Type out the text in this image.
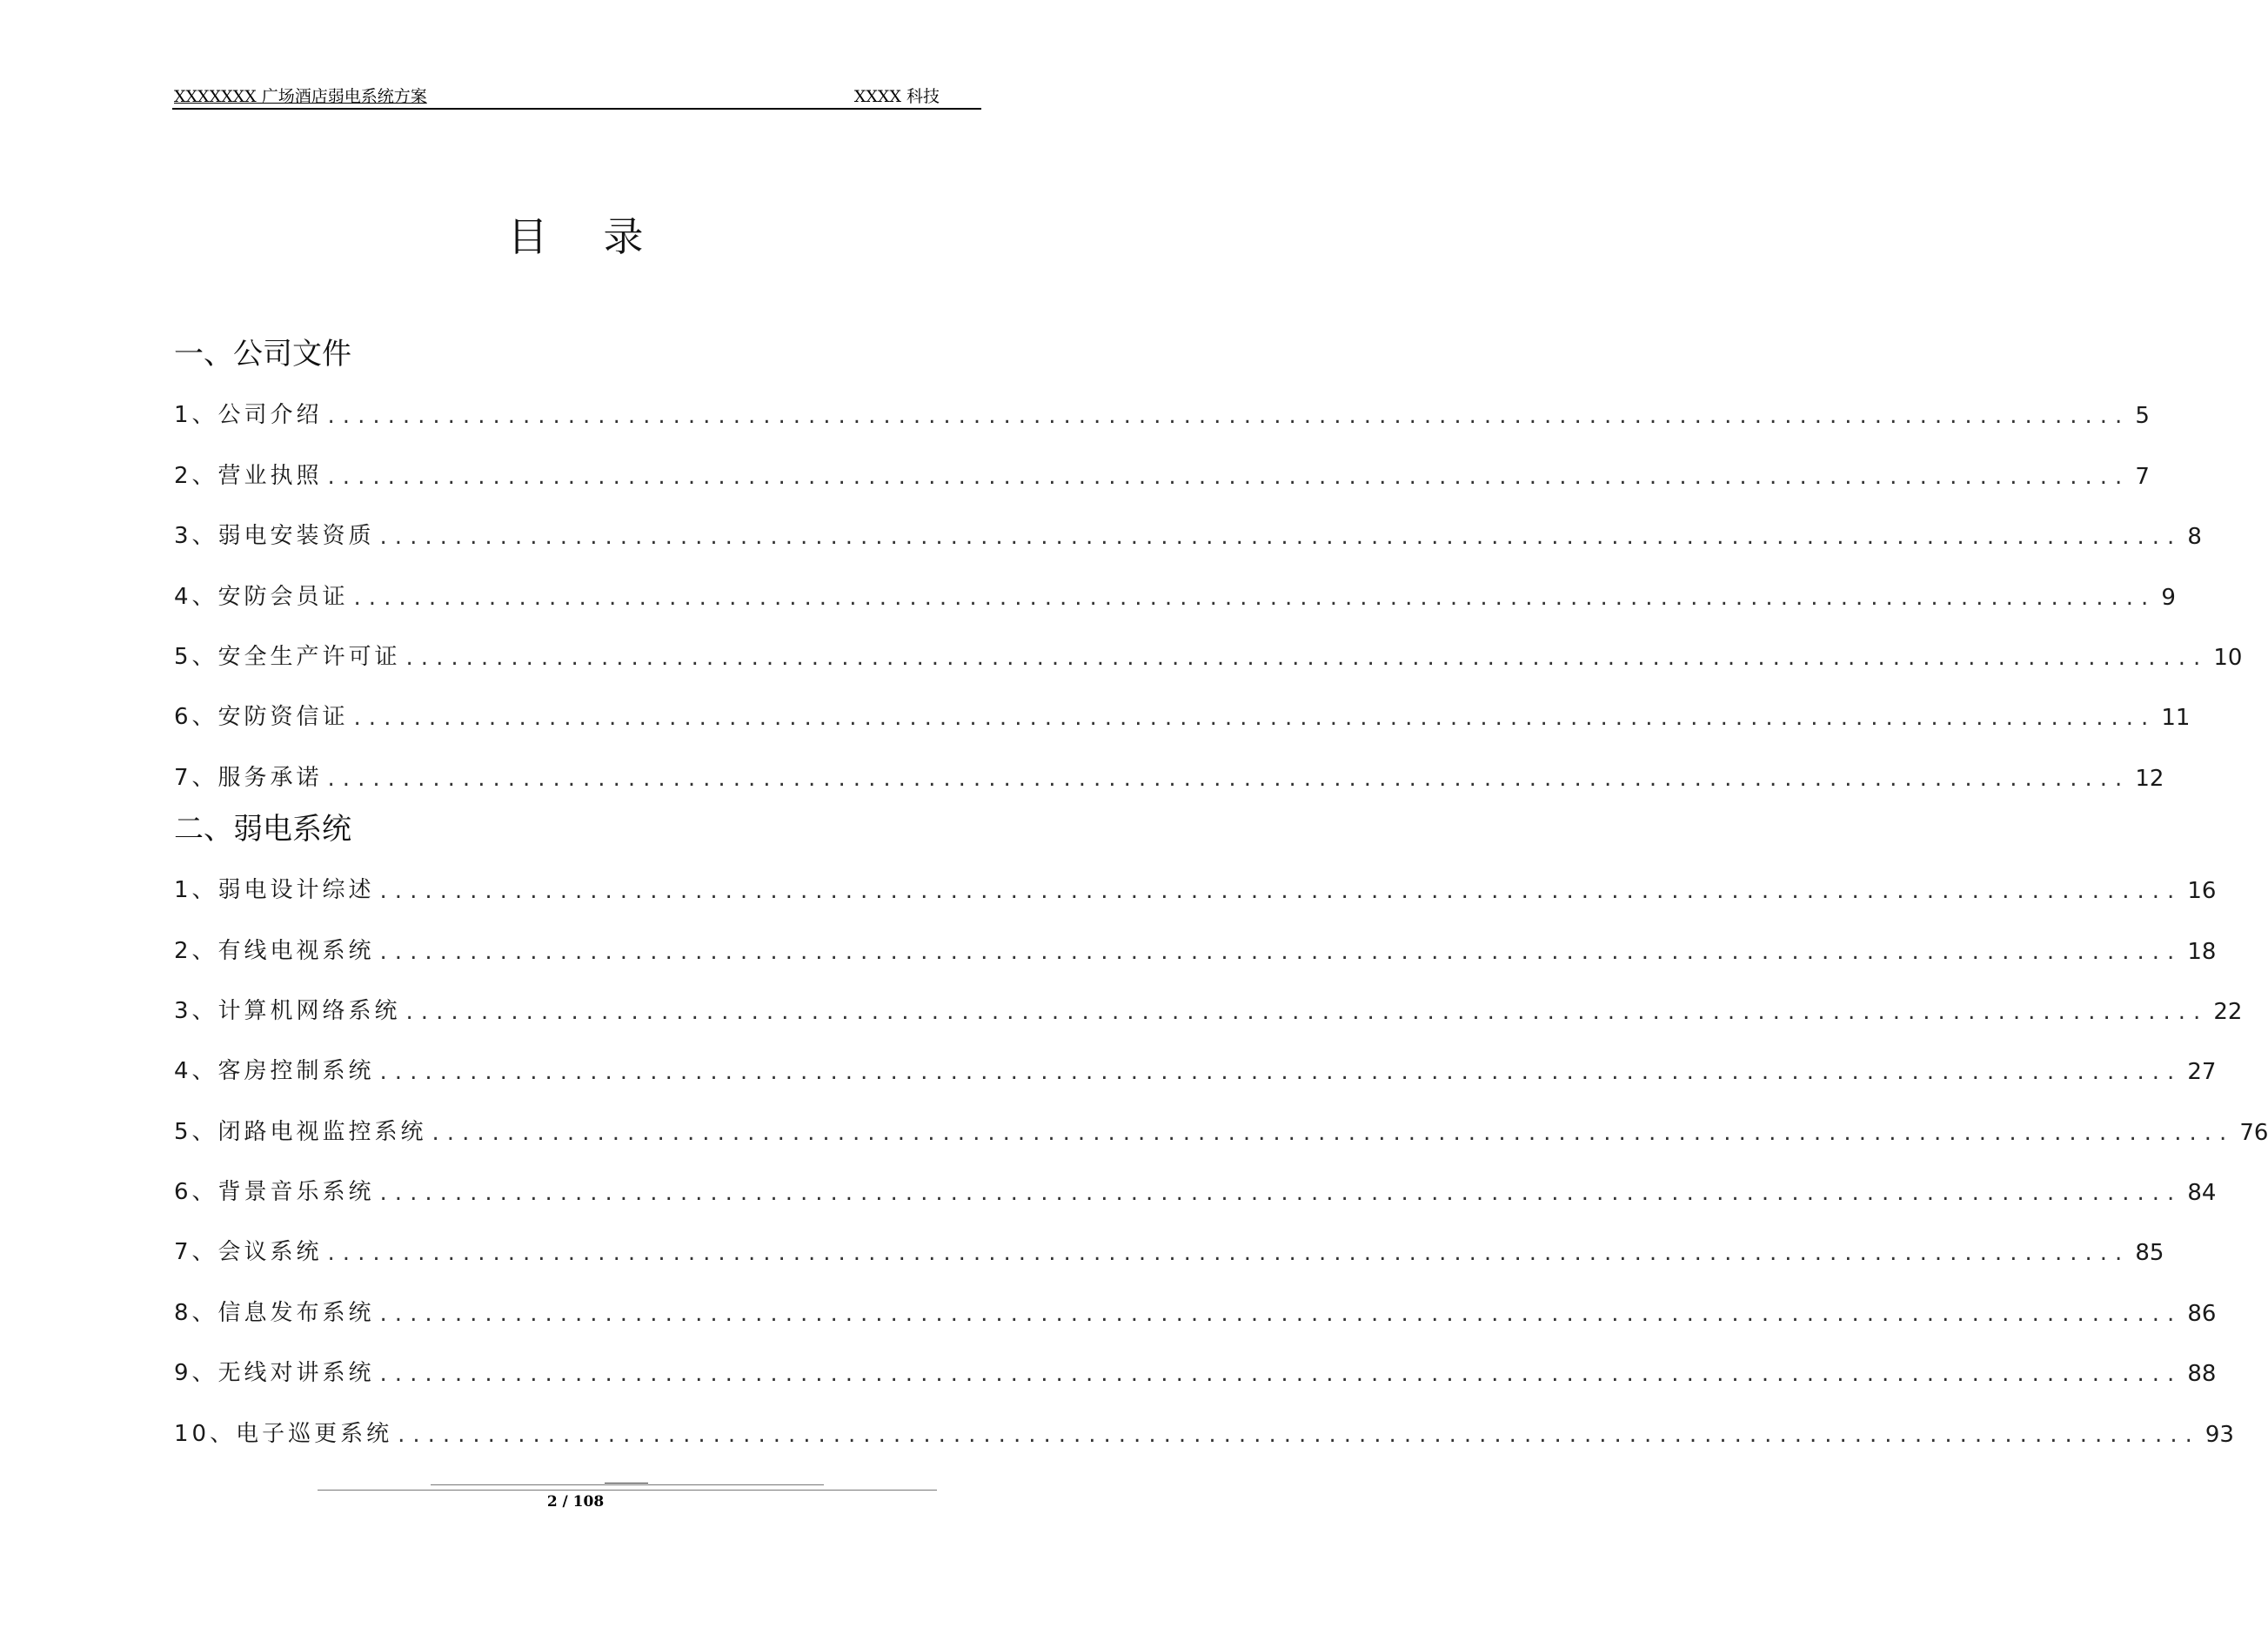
XXXXXXX 广场酒店弱电系统方案	XXXX 科技
目录
一、公司文件
1、公司介绍 ........................................................................................................................ 5
2、营业执照 ........................................................................................................................ 7
3、弱电安装资质 ........................................................................................................................ 8
4、安防会员证 ........................................................................................................................ 9
5、安全生产许可证 ........................................................................................................................ 10
6、安防资信证 ........................................................................................................................ 11
7、服务承诺 ........................................................................................................................ 12
二、弱电系统
1、弱电设计综述 ........................................................................................................................ 16
2、有线电视系统 ........................................................................................................................ 18
3、计算机网络系统 ........................................................................................................................ 22
4、客房控制系统 ........................................................................................................................ 27
5、闭路电视监控系统 ........................................................................................................................ 76
6、背景音乐系统 ........................................................................................................................ 84
7、会议系统 ........................................................................................................................ 85
8、信息发布系统 ........................................................................................................................ 86
9、无线对讲系统 ........................................................................................................................ 88
10、电子巡更系统 ........................................................................................................................ 93
2 / 108
